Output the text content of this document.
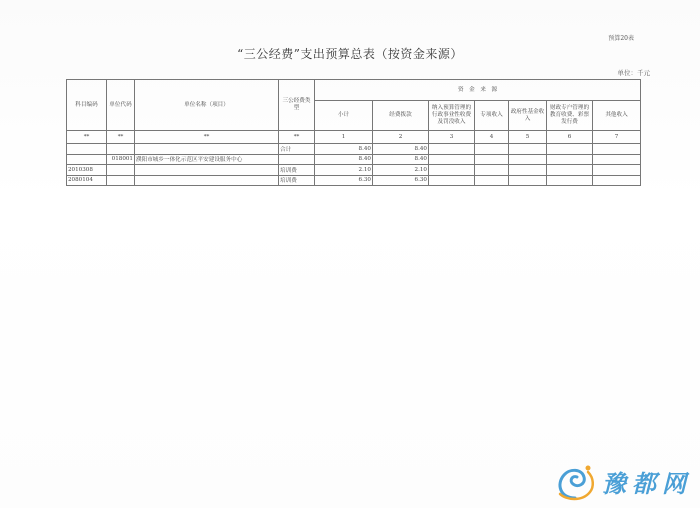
预算20表
“三公经费”支出预算总表（按资金来源）
单位：千元
科目编码	单位代码	单位名称（项目）	三公经费类型	资　金　来　源						
				小计	经费拨款	纳入预算管理的行政事业性收费及罚没收入	专项收入	政府性基金收入	财政专户管理的教育收费、彩票发行费	其他收入
**	**	**	**	1	2	3	4	5	6	7
			合计	8.40	8.40					
	018001	濮阳市城乡一体化示范区平安建设服务中心		8.40	8.40					
2010308			培训费	2.10	2.10					
2080104			培训费	6.30	6.30					
豫都网
